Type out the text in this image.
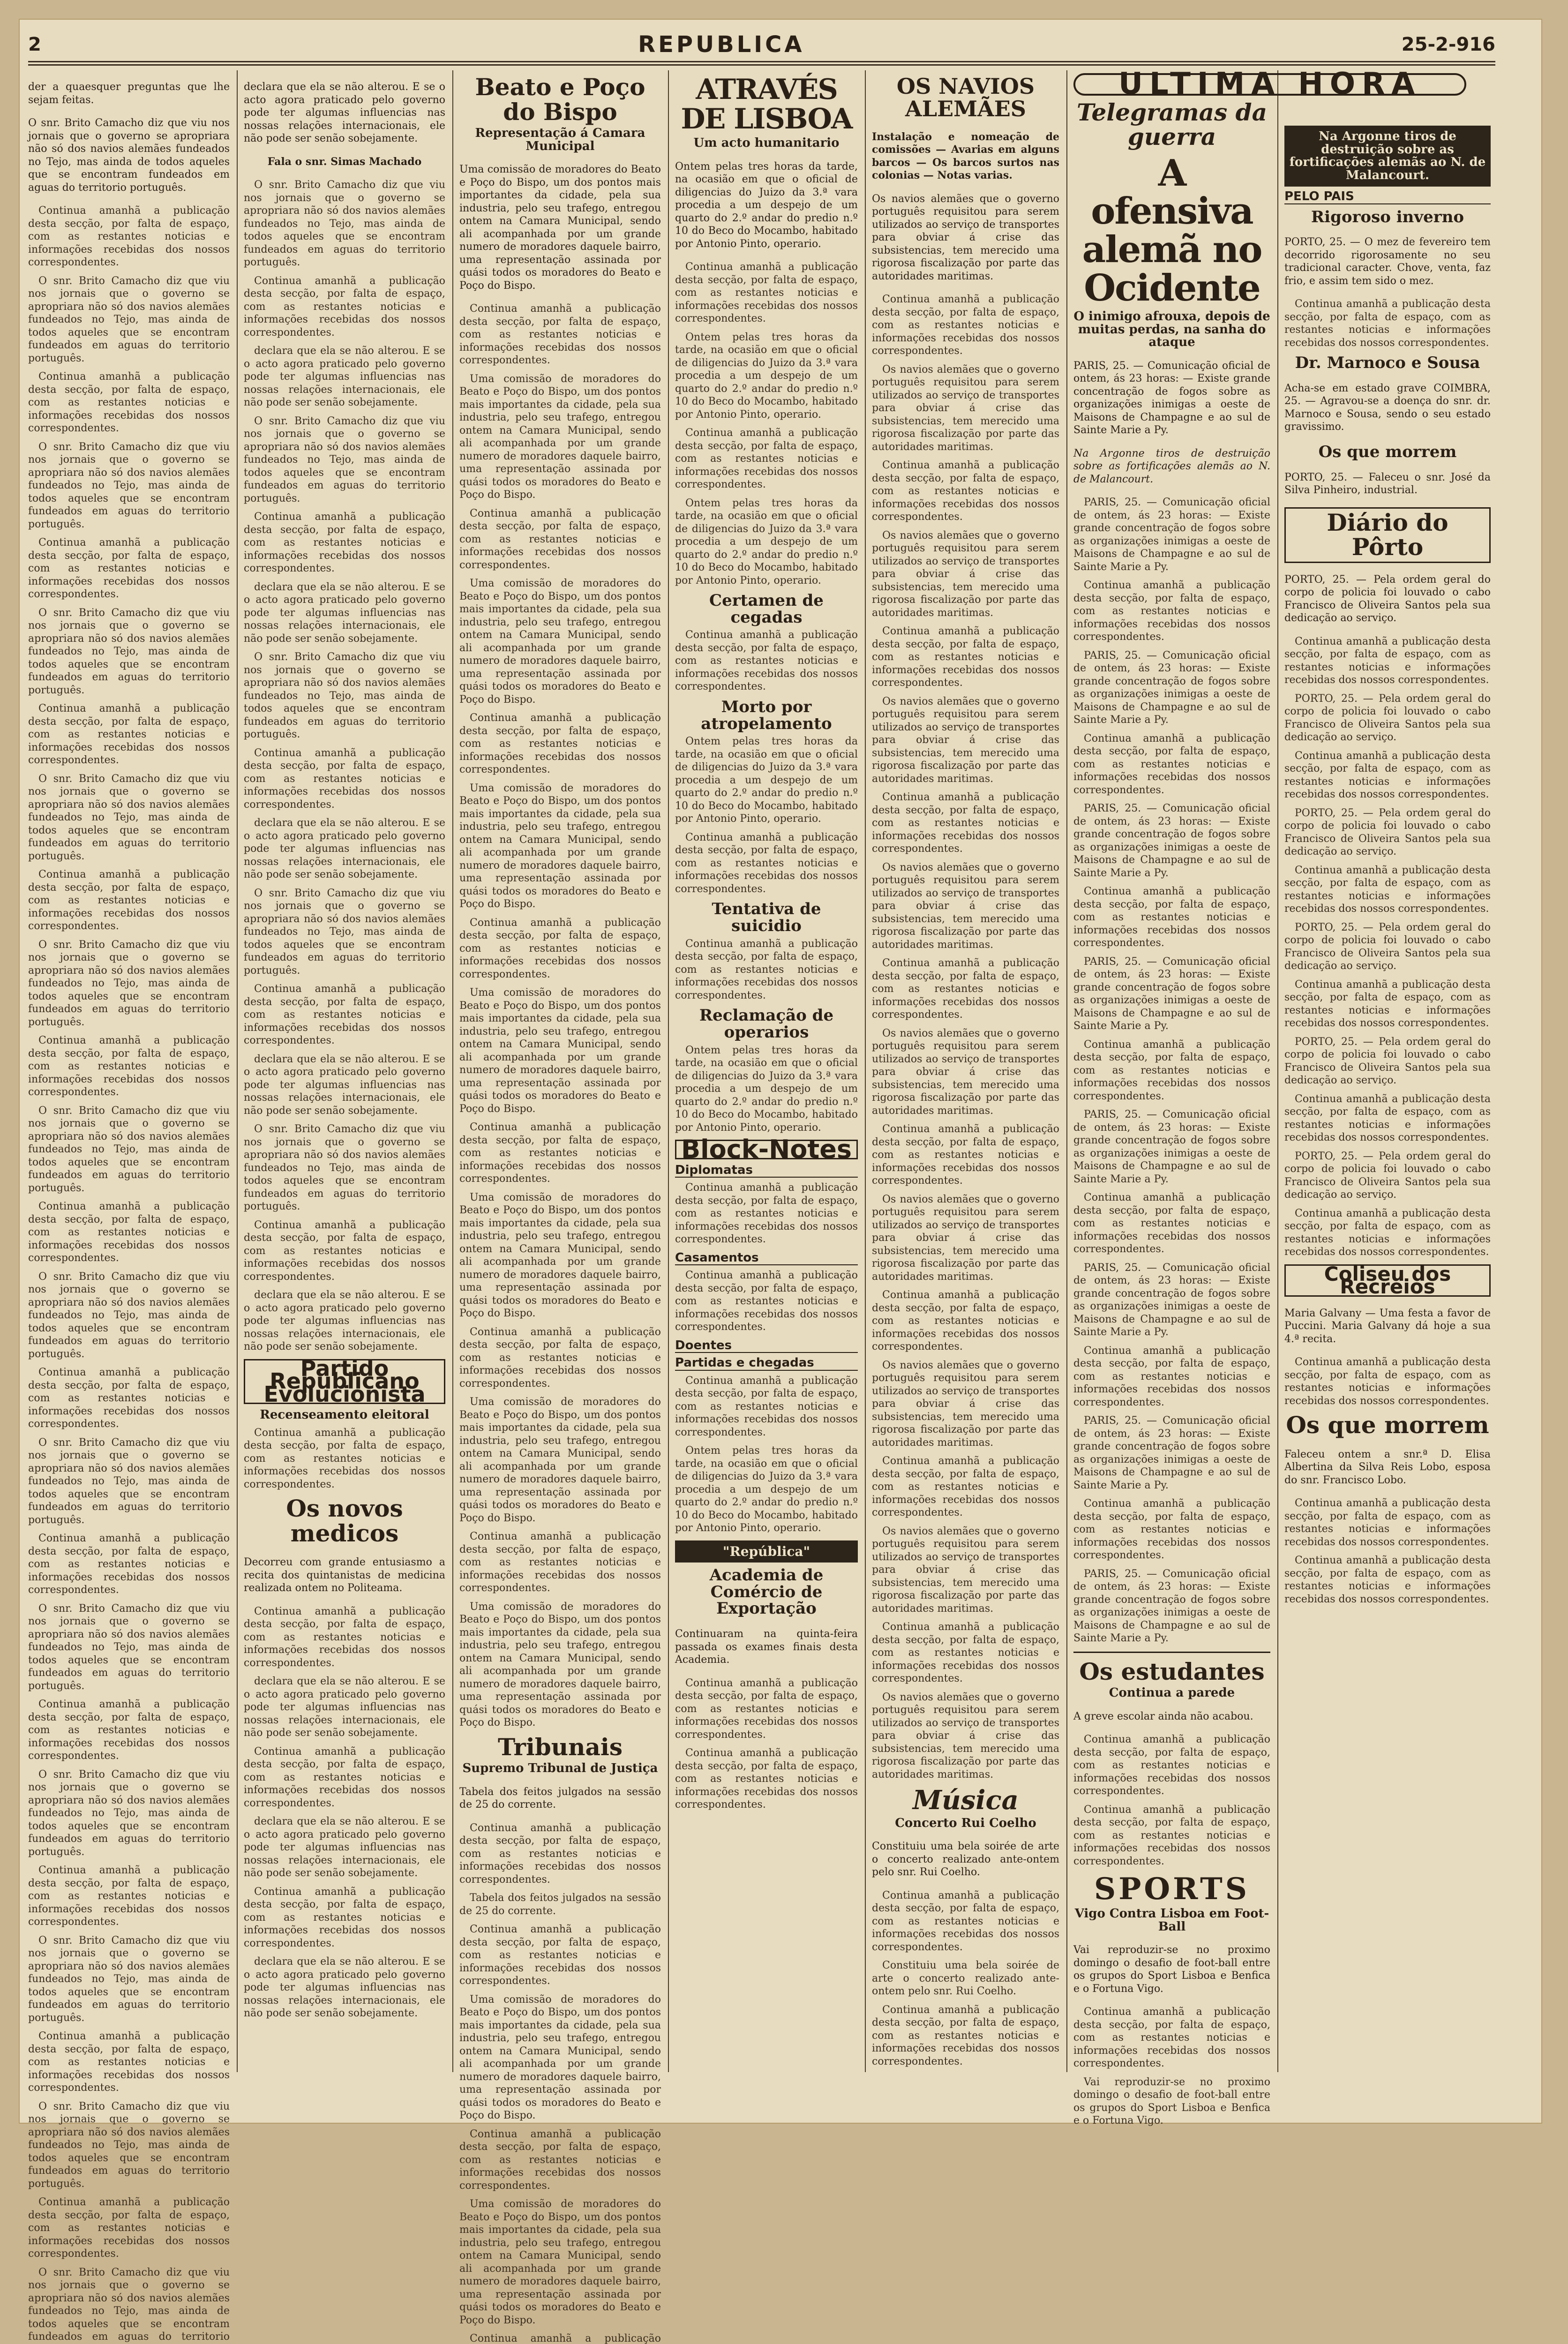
2	REPUBLICA	25-2-916

der a quaesquer preguntas que lhe sejam feitas.

O snr. Brito Camacho diz que viu nos jornais que o governo se apropriara não só dos navios alemães fundeados no Tejo, mas ainda de todos aqueles que se encontram fundeados em aguas do territorio português.

Continua amanhã a publicação desta secção, por falta de espaço, com as restantes noticias e informações recebidas dos nossos correspondentes.

O snr. Brito Camacho diz que viu nos jornais que o governo se apropriara não só dos navios alemães fundeados no Tejo, mas ainda de todos aqueles que se encontram fundeados em aguas do territorio português.

Continua amanhã a publicação desta secção, por falta de espaço, com as restantes noticias e informações recebidas dos nossos correspondentes.

O snr. Brito Camacho diz que viu nos jornais que o governo se apropriara não só dos navios alemães fundeados no Tejo, mas ainda de todos aqueles que se encontram fundeados em aguas do territorio português.

Continua amanhã a publicação desta secção, por falta de espaço, com as restantes noticias e informações recebidas dos nossos correspondentes.

O snr. Brito Camacho diz que viu nos jornais que o governo se apropriara não só dos navios alemães fundeados no Tejo, mas ainda de todos aqueles que se encontram fundeados em aguas do territorio português.

Continua amanhã a publicação desta secção, por falta de espaço, com as restantes noticias e informações recebidas dos nossos correspondentes.

O snr. Brito Camacho diz que viu nos jornais que o governo se apropriara não só dos navios alemães fundeados no Tejo, mas ainda de todos aqueles que se encontram fundeados em aguas do territorio português.

Continua amanhã a publicação desta secção, por falta de espaço, com as restantes noticias e informações recebidas dos nossos correspondentes.

O snr. Brito Camacho diz que viu nos jornais que o governo se apropriara não só dos navios alemães fundeados no Tejo, mas ainda de todos aqueles que se encontram fundeados em aguas do territorio português.

Continua amanhã a publicação desta secção, por falta de espaço, com as restantes noticias e informações recebidas dos nossos correspondentes.

O snr. Brito Camacho diz que viu nos jornais que o governo se apropriara não só dos navios alemães fundeados no Tejo, mas ainda de todos aqueles que se encontram fundeados em aguas do territorio português.

Continua amanhã a publicação desta secção, por falta de espaço, com as restantes noticias e informações recebidas dos nossos correspondentes.

O snr. Brito Camacho diz que viu nos jornais que o governo se apropriara não só dos navios alemães fundeados no Tejo, mas ainda de todos aqueles que se encontram fundeados em aguas do territorio português.

Continua amanhã a publicação desta secção, por falta de espaço, com as restantes noticias e informações recebidas dos nossos correspondentes.

O snr. Brito Camacho diz que viu nos jornais que o governo se apropriara não só dos navios alemães fundeados no Tejo, mas ainda de todos aqueles que se encontram fundeados em aguas do territorio português.

Continua amanhã a publicação desta secção, por falta de espaço, com as restantes noticias e informações recebidas dos nossos correspondentes.

O snr. Brito Camacho diz que viu nos jornais que o governo se apropriara não só dos navios alemães fundeados no Tejo, mas ainda de todos aqueles que se encontram fundeados em aguas do territorio português.

Continua amanhã a publicação desta secção, por falta de espaço, com as restantes noticias e informações recebidas dos nossos correspondentes.

O snr. Brito Camacho diz que viu nos jornais que o governo se apropriara não só dos navios alemães fundeados no Tejo, mas ainda de todos aqueles que se encontram fundeados em aguas do territorio português.

Continua amanhã a publicação desta secção, por falta de espaço, com as restantes noticias e informações recebidas dos nossos correspondentes.

O snr. Brito Camacho diz que viu nos jornais que o governo se apropriara não só dos navios alemães fundeados no Tejo, mas ainda de todos aqueles que se encontram fundeados em aguas do territorio português.

Continua amanhã a publicação desta secção, por falta de espaço, com as restantes noticias e informações recebidas dos nossos correspondentes.

O snr. Brito Camacho diz que viu nos jornais que o governo se apropriara não só dos navios alemães fundeados no Tejo, mas ainda de todos aqueles que se encontram fundeados em aguas do territorio português.

Continua amanhã a publicação desta secção, por falta de espaço, com as restantes noticias e informações recebidas dos nossos correspondentes.

O snr. Brito Camacho diz que viu nos jornais que o governo se apropriara não só dos navios alemães fundeados no Tejo, mas ainda de todos aqueles que se encontram fundeados em aguas do territorio

declara que ela se não alterou. E se o acto agora praticado pelo governo pode ter algumas influencias nas nossas relações internacionais, ele não pode ser senão sobejamente.

Fala o snr. Simas Machado

O snr. Brito Camacho diz que viu nos jornais que o governo se apropriara não só dos navios alemães fundeados no Tejo, mas ainda de todos aqueles que se encontram fundeados em aguas do territorio português.

Continua amanhã a publicação desta secção, por falta de espaço, com as restantes noticias e informações recebidas dos nossos correspondentes.

declara que ela se não alterou. E se o acto agora praticado pelo governo pode ter algumas influencias nas nossas relações internacionais, ele não pode ser senão sobejamente.

O snr. Brito Camacho diz que viu nos jornais que o governo se apropriara não só dos navios alemães fundeados no Tejo, mas ainda de todos aqueles que se encontram fundeados em aguas do territorio português.

Continua amanhã a publicação desta secção, por falta de espaço, com as restantes noticias e informações recebidas dos nossos correspondentes.

declara que ela se não alterou. E se o acto agora praticado pelo governo pode ter algumas influencias nas nossas relações internacionais, ele não pode ser senão sobejamente.

O snr. Brito Camacho diz que viu nos jornais que o governo se apropriara não só dos navios alemães fundeados no Tejo, mas ainda de todos aqueles que se encontram fundeados em aguas do territorio português.

Continua amanhã a publicação desta secção, por falta de espaço, com as restantes noticias e informações recebidas dos nossos correspondentes.

declara que ela se não alterou. E se o acto agora praticado pelo governo pode ter algumas influencias nas nossas relações internacionais, ele não pode ser senão sobejamente.

O snr. Brito Camacho diz que viu nos jornais que o governo se apropriara não só dos navios alemães fundeados no Tejo, mas ainda de todos aqueles que se encontram fundeados em aguas do territorio português.

Continua amanhã a publicação desta secção, por falta de espaço, com as restantes noticias e informações recebidas dos nossos correspondentes.

declara que ela se não alterou. E se o acto agora praticado pelo governo pode ter algumas influencias nas nossas relações internacionais, ele não pode ser senão sobejamente.

O snr. Brito Camacho diz que viu nos jornais que o governo se apropriara não só dos navios alemães fundeados no Tejo, mas ainda de todos aqueles que se encontram fundeados em aguas do territorio português.

Continua amanhã a publicação desta secção, por falta de espaço, com as restantes noticias e informações recebidas dos nossos correspondentes.

declara que ela se não alterou. E se o acto agora praticado pelo governo pode ter algumas influencias nas nossas relações internacionais, ele não pode ser senão sobejamente.

Partido Republicano Evolucionista
Recenseamento eleitoral

Continua amanhã a publicação desta secção, por falta de espaço, com as restantes noticias e informações recebidas dos nossos correspondentes.

Os novos medicos

Decorreu com grande entusiasmo a recita dos quintanistas de medicina realizada ontem no Politeama.

Continua amanhã a publicação desta secção, por falta de espaço, com as restantes noticias e informações recebidas dos nossos correspondentes.

declara que ela se não alterou. E se o acto agora praticado pelo governo pode ter algumas influencias nas nossas relações internacionais, ele não pode ser senão sobejamente.

Continua amanhã a publicação desta secção, por falta de espaço, com as restantes noticias e informações recebidas dos nossos correspondentes.

declara que ela se não alterou. E se o acto agora praticado pelo governo pode ter algumas influencias nas nossas relações internacionais, ele não pode ser senão sobejamente.

Continua amanhã a publicação desta secção, por falta de espaço, com as restantes noticias e informações recebidas dos nossos correspondentes.

declara que ela se não alterou. E se o acto agora praticado pelo governo pode ter algumas influencias nas nossas relações internacionais, ele não pode ser senão sobejamente.

Beato e Poço do Bispo
Representação á Camara Municipal

Uma comissão de moradores do Beato e Poço do Bispo, um dos pontos mais importantes da cidade, pela sua industria, pelo seu trafego, entregou ontem na Camara Municipal, sendo ali acompanhada por um grande numero de moradores daquele bairro, uma representação assinada por quási todos os moradores do Beato e Poço do Bispo.

Continua amanhã a publicação desta secção, por falta de espaço, com as restantes noticias e informações recebidas dos nossos correspondentes.

Uma comissão de moradores do Beato e Poço do Bispo, um dos pontos mais importantes da cidade, pela sua industria, pelo seu trafego, entregou ontem na Camara Municipal, sendo ali acompanhada por um grande numero de moradores daquele bairro, uma representação assinada por quási todos os moradores do Beato e Poço do Bispo.

Continua amanhã a publicação desta secção, por falta de espaço, com as restantes noticias e informações recebidas dos nossos correspondentes.

Uma comissão de moradores do Beato e Poço do Bispo, um dos pontos mais importantes da cidade, pela sua industria, pelo seu trafego, entregou ontem na Camara Municipal, sendo ali acompanhada por um grande numero de moradores daquele bairro, uma representação assinada por quási todos os moradores do Beato e Poço do Bispo.

Continua amanhã a publicação desta secção, por falta de espaço, com as restantes noticias e informações recebidas dos nossos correspondentes.

Uma comissão de moradores do Beato e Poço do Bispo, um dos pontos mais importantes da cidade, pela sua industria, pelo seu trafego, entregou ontem na Camara Municipal, sendo ali acompanhada por um grande numero de moradores daquele bairro, uma representação assinada por quási todos os moradores do Beato e Poço do Bispo.

Continua amanhã a publicação desta secção, por falta de espaço, com as restantes noticias e informações recebidas dos nossos correspondentes.

Uma comissão de moradores do Beato e Poço do Bispo, um dos pontos mais importantes da cidade, pela sua industria, pelo seu trafego, entregou ontem na Camara Municipal, sendo ali acompanhada por um grande numero de moradores daquele bairro, uma representação assinada por quási todos os moradores do Beato e Poço do Bispo.

Continua amanhã a publicação desta secção, por falta de espaço, com as restantes noticias e informações recebidas dos nossos correspondentes.

Uma comissão de moradores do Beato e Poço do Bispo, um dos pontos mais importantes da cidade, pela sua industria, pelo seu trafego, entregou ontem na Camara Municipal, sendo ali acompanhada por um grande numero de moradores daquele bairro, uma representação assinada por quási todos os moradores do Beato e Poço do Bispo.

Continua amanhã a publicação desta secção, por falta de espaço, com as restantes noticias e informações recebidas dos nossos correspondentes.

Uma comissão de moradores do Beato e Poço do Bispo, um dos pontos mais importantes da cidade, pela sua industria, pelo seu trafego, entregou ontem na Camara Municipal, sendo ali acompanhada por um grande numero de moradores daquele bairro, uma representação assinada por quási todos os moradores do Beato e Poço do Bispo.

Continua amanhã a publicação desta secção, por falta de espaço, com as restantes noticias e informações recebidas dos nossos correspondentes.

Uma comissão de moradores do Beato e Poço do Bispo, um dos pontos mais importantes da cidade, pela sua industria, pelo seu trafego, entregou ontem na Camara Municipal, sendo ali acompanhada por um grande numero de moradores daquele bairro, uma representação assinada por quási todos os moradores do Beato e Poço do Bispo.

Tribunais
Supremo Tribunal de Justiça

Tabela dos feitos julgados na sessão de 25 do corrente.

Continua amanhã a publicação desta secção, por falta de espaço, com as restantes noticias e informações recebidas dos nossos correspondentes.

Tabela dos feitos julgados na sessão de 25 do corrente.

Continua amanhã a publicação desta secção, por falta de espaço, com as restantes noticias e informações recebidas dos nossos correspondentes.

Uma comissão de moradores do Beato e Poço do Bispo, um dos pontos mais importantes da cidade, pela sua industria, pelo seu trafego, entregou ontem na Camara Municipal, sendo ali acompanhada por um grande numero de moradores daquele bairro, uma representação assinada por quási todos os moradores do Beato e Poço do Bispo.

Continua amanhã a publicação desta secção, por falta de espaço, com as restantes noticias e informações recebidas dos nossos correspondentes.

Uma comissão de moradores do Beato e Poço do Bispo, um dos pontos mais importantes da cidade, pela sua industria, pelo seu trafego, entregou ontem na Camara Municipal, sendo ali acompanhada por um grande numero de moradores daquele bairro, uma representação assinada por quási todos os moradores do Beato e Poço do Bispo.

Continua amanhã a publicação

ATRAVÉS DE LISBOA
Um acto humanitario

Ontem pelas tres horas da tarde, na ocasião em que o oficial de diligencias do Juizo da 3.ª vara procedia a um despejo de um quarto do 2.º andar do predio n.º 10 do Beco do Mocambo, habitado por Antonio Pinto, operario.

Continua amanhã a publicação desta secção, por falta de espaço, com as restantes noticias e informações recebidas dos nossos correspondentes.

Ontem pelas tres horas da tarde, na ocasião em que o oficial de diligencias do Juizo da 3.ª vara procedia a um despejo de um quarto do 2.º andar do predio n.º 10 do Beco do Mocambo, habitado por Antonio Pinto, operario.

Continua amanhã a publicação desta secção, por falta de espaço, com as restantes noticias e informações recebidas dos nossos correspondentes.

Ontem pelas tres horas da tarde, na ocasião em que o oficial de diligencias do Juizo da 3.ª vara procedia a um despejo de um quarto do 2.º andar do predio n.º 10 do Beco do Mocambo, habitado por Antonio Pinto, operario.

Certamen de cegadas

Continua amanhã a publicação desta secção, por falta de espaço, com as restantes noticias e informações recebidas dos nossos correspondentes.

Morto por atropelamento

Ontem pelas tres horas da tarde, na ocasião em que o oficial de diligencias do Juizo da 3.ª vara procedia a um despejo de um quarto do 2.º andar do predio n.º 10 do Beco do Mocambo, habitado por Antonio Pinto, operario.

Continua amanhã a publicação desta secção, por falta de espaço, com as restantes noticias e informações recebidas dos nossos correspondentes.

Tentativa de suicidio

Continua amanhã a publicação desta secção, por falta de espaço, com as restantes noticias e informações recebidas dos nossos correspondentes.

Reclamação de operarios

Ontem pelas tres horas da tarde, na ocasião em que o oficial de diligencias do Juizo da 3.ª vara procedia a um despejo de um quarto do 2.º andar do predio n.º 10 do Beco do Mocambo, habitado por Antonio Pinto, operario.

Block-Notes
Diplomatas

Continua amanhã a publicação desta secção, por falta de espaço, com as restantes noticias e informações recebidas dos nossos correspondentes.

Casamentos

Continua amanhã a publicação desta secção, por falta de espaço, com as restantes noticias e informações recebidas dos nossos correspondentes.

Doentes
Partidas e chegadas

Continua amanhã a publicação desta secção, por falta de espaço, com as restantes noticias e informações recebidas dos nossos correspondentes.

Ontem pelas tres horas da tarde, na ocasião em que o oficial de diligencias do Juizo da 3.ª vara procedia a um despejo de um quarto do 2.º andar do predio n.º 10 do Beco do Mocambo, habitado por Antonio Pinto, operario.

"República"
Academia de Comércio de Exportação

Continuaram na quinta-feira passada os exames finais desta Academia.

Continua amanhã a publicação desta secção, por falta de espaço, com as restantes noticias e informações recebidas dos nossos correspondentes.

Continua amanhã a publicação desta secção, por falta de espaço, com as restantes noticias e informações recebidas dos nossos correspondentes.

OS NAVIOS ALEMÃES

Instalação e nomeação de comissões — Avarias em alguns barcos — Os barcos surtos nas colonias — Notas varias.

Os navios alemães que o governo português requisitou para serem utilizados ao serviço de transportes para obviar á crise das subsistencias, tem merecido uma rigorosa fiscalização por parte das autoridades maritimas.

Continua amanhã a publicação desta secção, por falta de espaço, com as restantes noticias e informações recebidas dos nossos correspondentes.

Os navios alemães que o governo português requisitou para serem utilizados ao serviço de transportes para obviar á crise das subsistencias, tem merecido uma rigorosa fiscalização por parte das autoridades maritimas.

Continua amanhã a publicação desta secção, por falta de espaço, com as restantes noticias e informações recebidas dos nossos correspondentes.

Os navios alemães que o governo português requisitou para serem utilizados ao serviço de transportes para obviar á crise das subsistencias, tem merecido uma rigorosa fiscalização por parte das autoridades maritimas.

Continua amanhã a publicação desta secção, por falta de espaço, com as restantes noticias e informações recebidas dos nossos correspondentes.

Os navios alemães que o governo português requisitou para serem utilizados ao serviço de transportes para obviar á crise das subsistencias, tem merecido uma rigorosa fiscalização por parte das autoridades maritimas.

Continua amanhã a publicação desta secção, por falta de espaço, com as restantes noticias e informações recebidas dos nossos correspondentes.

Os navios alemães que o governo português requisitou para serem utilizados ao serviço de transportes para obviar á crise das subsistencias, tem merecido uma rigorosa fiscalização por parte das autoridades maritimas.

Continua amanhã a publicação desta secção, por falta de espaço, com as restantes noticias e informações recebidas dos nossos correspondentes.

Os navios alemães que o governo português requisitou para serem utilizados ao serviço de transportes para obviar á crise das subsistencias, tem merecido uma rigorosa fiscalização por parte das autoridades maritimas.

Continua amanhã a publicação desta secção, por falta de espaço, com as restantes noticias e informações recebidas dos nossos correspondentes.

Os navios alemães que o governo português requisitou para serem utilizados ao serviço de transportes para obviar á crise das subsistencias, tem merecido uma rigorosa fiscalização por parte das autoridades maritimas.

Continua amanhã a publicação desta secção, por falta de espaço, com as restantes noticias e informações recebidas dos nossos correspondentes.

Os navios alemães que o governo português requisitou para serem utilizados ao serviço de transportes para obviar á crise das subsistencias, tem merecido uma rigorosa fiscalização por parte das autoridades maritimas.

Continua amanhã a publicação desta secção, por falta de espaço, com as restantes noticias e informações recebidas dos nossos correspondentes.

Os navios alemães que o governo português requisitou para serem utilizados ao serviço de transportes para obviar á crise das subsistencias, tem merecido uma rigorosa fiscalização por parte das autoridades maritimas.

Continua amanhã a publicação desta secção, por falta de espaço, com as restantes noticias e informações recebidas dos nossos correspondentes.

Os navios alemães que o governo português requisitou para serem utilizados ao serviço de transportes para obviar á crise das subsistencias, tem merecido uma rigorosa fiscalização por parte das autoridades maritimas.

Música
Concerto Rui Coelho

Constituiu uma bela soirée de arte o concerto realizado ante-ontem pelo snr. Rui Coelho.

Continua amanhã a publicação desta secção, por falta de espaço, com as restantes noticias e informações recebidas dos nossos correspondentes.

Constituiu uma bela soirée de arte o concerto realizado ante-ontem pelo snr. Rui Coelho.

Continua amanhã a publicação desta secção, por falta de espaço, com as restantes noticias e informações recebidas dos nossos correspondentes.

ULTIMA HORA
Telegramas da guerra
A ofensiva alemã no Ocidente
O inimigo afrouxa, depois de muitas perdas, na sanha do ataque

PARIS, 25. — Comunicação oficial de ontem, ás 23 horas: — Existe grande concentração de fogos sobre as organizações inimigas a oeste de Maisons de Champagne e ao sul de Sainte Marie a Py.

Na Argonne tiros de destruição sobre as fortificações alemãs ao N. de Malancourt.

PARIS, 25. — Comunicação oficial de ontem, ás 23 horas: — Existe grande concentração de fogos sobre as organizações inimigas a oeste de Maisons de Champagne e ao sul de Sainte Marie a Py.

Continua amanhã a publicação desta secção, por falta de espaço, com as restantes noticias e informações recebidas dos nossos correspondentes.

PARIS, 25. — Comunicação oficial de ontem, ás 23 horas: — Existe grande concentração de fogos sobre as organizações inimigas a oeste de Maisons de Champagne e ao sul de Sainte Marie a Py.

Continua amanhã a publicação desta secção, por falta de espaço, com as restantes noticias e informações recebidas dos nossos correspondentes.

PARIS, 25. — Comunicação oficial de ontem, ás 23 horas: — Existe grande concentração de fogos sobre as organizações inimigas a oeste de Maisons de Champagne e ao sul de Sainte Marie a Py.

Continua amanhã a publicação desta secção, por falta de espaço, com as restantes noticias e informações recebidas dos nossos correspondentes.

PARIS, 25. — Comunicação oficial de ontem, ás 23 horas: — Existe grande concentração de fogos sobre as organizações inimigas a oeste de Maisons de Champagne e ao sul de Sainte Marie a Py.

Continua amanhã a publicação desta secção, por falta de espaço, com as restantes noticias e informações recebidas dos nossos correspondentes.

PARIS, 25. — Comunicação oficial de ontem, ás 23 horas: — Existe grande concentração de fogos sobre as organizações inimigas a oeste de Maisons de Champagne e ao sul de Sainte Marie a Py.

Continua amanhã a publicação desta secção, por falta de espaço, com as restantes noticias e informações recebidas dos nossos correspondentes.

PARIS, 25. — Comunicação oficial de ontem, ás 23 horas: — Existe grande concentração de fogos sobre as organizações inimigas a oeste de Maisons de Champagne e ao sul de Sainte Marie a Py.

Continua amanhã a publicação desta secção, por falta de espaço, com as restantes noticias e informações recebidas dos nossos correspondentes.

PARIS, 25. — Comunicação oficial de ontem, ás 23 horas: — Existe grande concentração de fogos sobre as organizações inimigas a oeste de Maisons de Champagne e ao sul de Sainte Marie a Py.

Continua amanhã a publicação desta secção, por falta de espaço, com as restantes noticias e informações recebidas dos nossos correspondentes.

PARIS, 25. — Comunicação oficial de ontem, ás 23 horas: — Existe grande concentração de fogos sobre as organizações inimigas a oeste de Maisons de Champagne e ao sul de Sainte Marie a Py.

Os estudantes
Continua a parede

A greve escolar ainda não acabou.

Continua amanhã a publicação desta secção, por falta de espaço, com as restantes noticias e informações recebidas dos nossos correspondentes.

Continua amanhã a publicação desta secção, por falta de espaço, com as restantes noticias e informações recebidas dos nossos correspondentes.

SPORTS
Vigo Contra Lisboa em Foot-Ball

Vai reproduzir-se no proximo domingo o desafio de foot-ball entre os grupos do Sport Lisboa e Benfica e o Fortuna Vigo.

Continua amanhã a publicação desta secção, por falta de espaço, com as restantes noticias e informações recebidas dos nossos correspondentes.

Vai reproduzir-se no proximo domingo o desafio de foot-ball entre os grupos do Sport Lisboa e Benfica e o Fortuna Vigo.

Na Argonne tiros de destruição sobre as fortificações alemãs ao N. de Malancourt.
PELO PAIS
Rigoroso inverno

PORTO, 25. — O mez de fevereiro tem decorrido rigorosamente no seu tradicional caracter. Chove, venta, faz frio, e assim tem sido o mez.

Continua amanhã a publicação desta secção, por falta de espaço, com as restantes noticias e informações recebidas dos nossos correspondentes.

Dr. Marnoco e Sousa

Acha-se em estado grave COIMBRA, 25. — Agravou-se a doença do snr. dr. Marnoco e Sousa, sendo o seu estado gravissimo.

Os que morrem

PORTO, 25. — Faleceu o snr. José da Silva Pinheiro, industrial.

Diário do Pôrto

PORTO, 25. — Pela ordem geral do corpo de policia foi louvado o cabo Francisco de Oliveira Santos pela sua dedicação ao serviço.

Continua amanhã a publicação desta secção, por falta de espaço, com as restantes noticias e informações recebidas dos nossos correspondentes.

PORTO, 25. — Pela ordem geral do corpo de policia foi louvado o cabo Francisco de Oliveira Santos pela sua dedicação ao serviço.

Continua amanhã a publicação desta secção, por falta de espaço, com as restantes noticias e informações recebidas dos nossos correspondentes.

PORTO, 25. — Pela ordem geral do corpo de policia foi louvado o cabo Francisco de Oliveira Santos pela sua dedicação ao serviço.

Continua amanhã a publicação desta secção, por falta de espaço, com as restantes noticias e informações recebidas dos nossos correspondentes.

PORTO, 25. — Pela ordem geral do corpo de policia foi louvado o cabo Francisco de Oliveira Santos pela sua dedicação ao serviço.

Continua amanhã a publicação desta secção, por falta de espaço, com as restantes noticias e informações recebidas dos nossos correspondentes.

PORTO, 25. — Pela ordem geral do corpo de policia foi louvado o cabo Francisco de Oliveira Santos pela sua dedicação ao serviço.

Continua amanhã a publicação desta secção, por falta de espaço, com as restantes noticias e informações recebidas dos nossos correspondentes.

PORTO, 25. — Pela ordem geral do corpo de policia foi louvado o cabo Francisco de Oliveira Santos pela sua dedicação ao serviço.

Continua amanhã a publicação desta secção, por falta de espaço, com as restantes noticias e informações recebidas dos nossos correspondentes.

Coliseu dos Recreios

Maria Galvany — Uma festa a favor de Puccini. Maria Galvany dá hoje a sua 4.ª recita.

Continua amanhã a publicação desta secção, por falta de espaço, com as restantes noticias e informações recebidas dos nossos correspondentes.

Os que morrem

Faleceu ontem a snr.ª D. Elisa Albertina da Silva Reis Lobo, esposa do snr. Francisco Lobo.

Continua amanhã a publicação desta secção, por falta de espaço, com as restantes noticias e informações recebidas dos nossos correspondentes.

Continua amanhã a publicação desta secção, por falta de espaço, com as restantes noticias e informações recebidas dos nossos correspondentes.
